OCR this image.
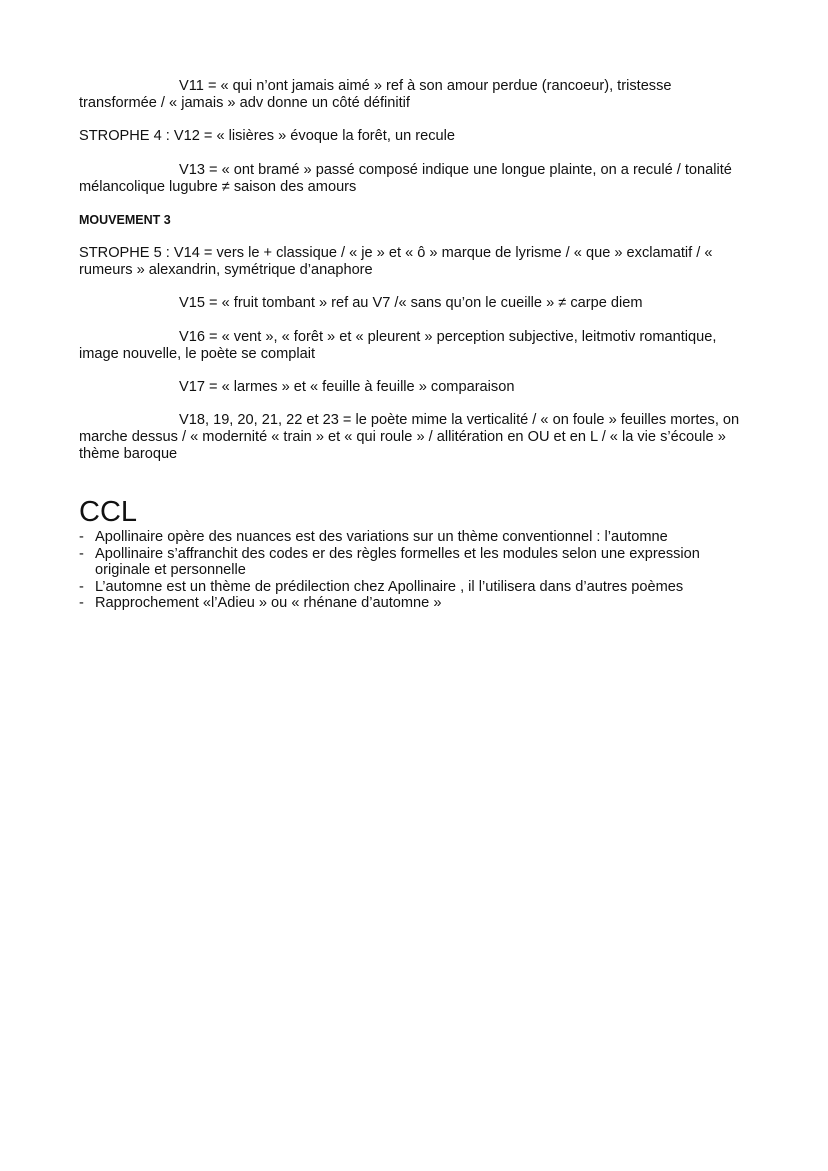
V11 = « qui n’ont jamais aimé » ref à son amour perdue (rancoeur), tristesse transformée / « jamais » adv donne un côté définitif

STROPHE 4 : V12 = « lisières » évoque la forêt, un recule

V13 = « ont bramé » passé composé indique une longue plainte, on a reculé / tonalité mélancolique lugubre ≠ saison des amours

MOUVEMENT 3

STROPHE 5 : V14 = vers le + classique / « je » et « ô » marque de lyrisme / « que » exclamatif / « rumeurs » alexandrin, symétrique d’anaphore

V15 = « fruit tombant » ref au V7 /« sans qu’on le cueille » ≠ carpe diem

V16 = « vent », « forêt » et « pleurent » perception subjective, leitmotiv romantique, image nouvelle, le poète se complait

V17 = « larmes » et « feuille à feuille » comparaison

V18, 19, 20, 21, 22 et 23 = le poète mime la verticalité / « on foule » feuilles mortes, on marche dessus / « modernité « train » et « qui roule » / allitération en OU et en L / « la vie s’écoule » thème baroque

CCL
- Apollinaire opère des nuances est des variations sur un thème conventionnel : l’automne
- Apollinaire s’affranchit des codes er des règles formelles et les modules selon une expression originale et personnelle
- L’automne est un thème de prédilection chez Apollinaire , il l’utilisera dans d’autres poèmes
- Rapprochement «l’Adieu » ou « rhénane d’automne »
